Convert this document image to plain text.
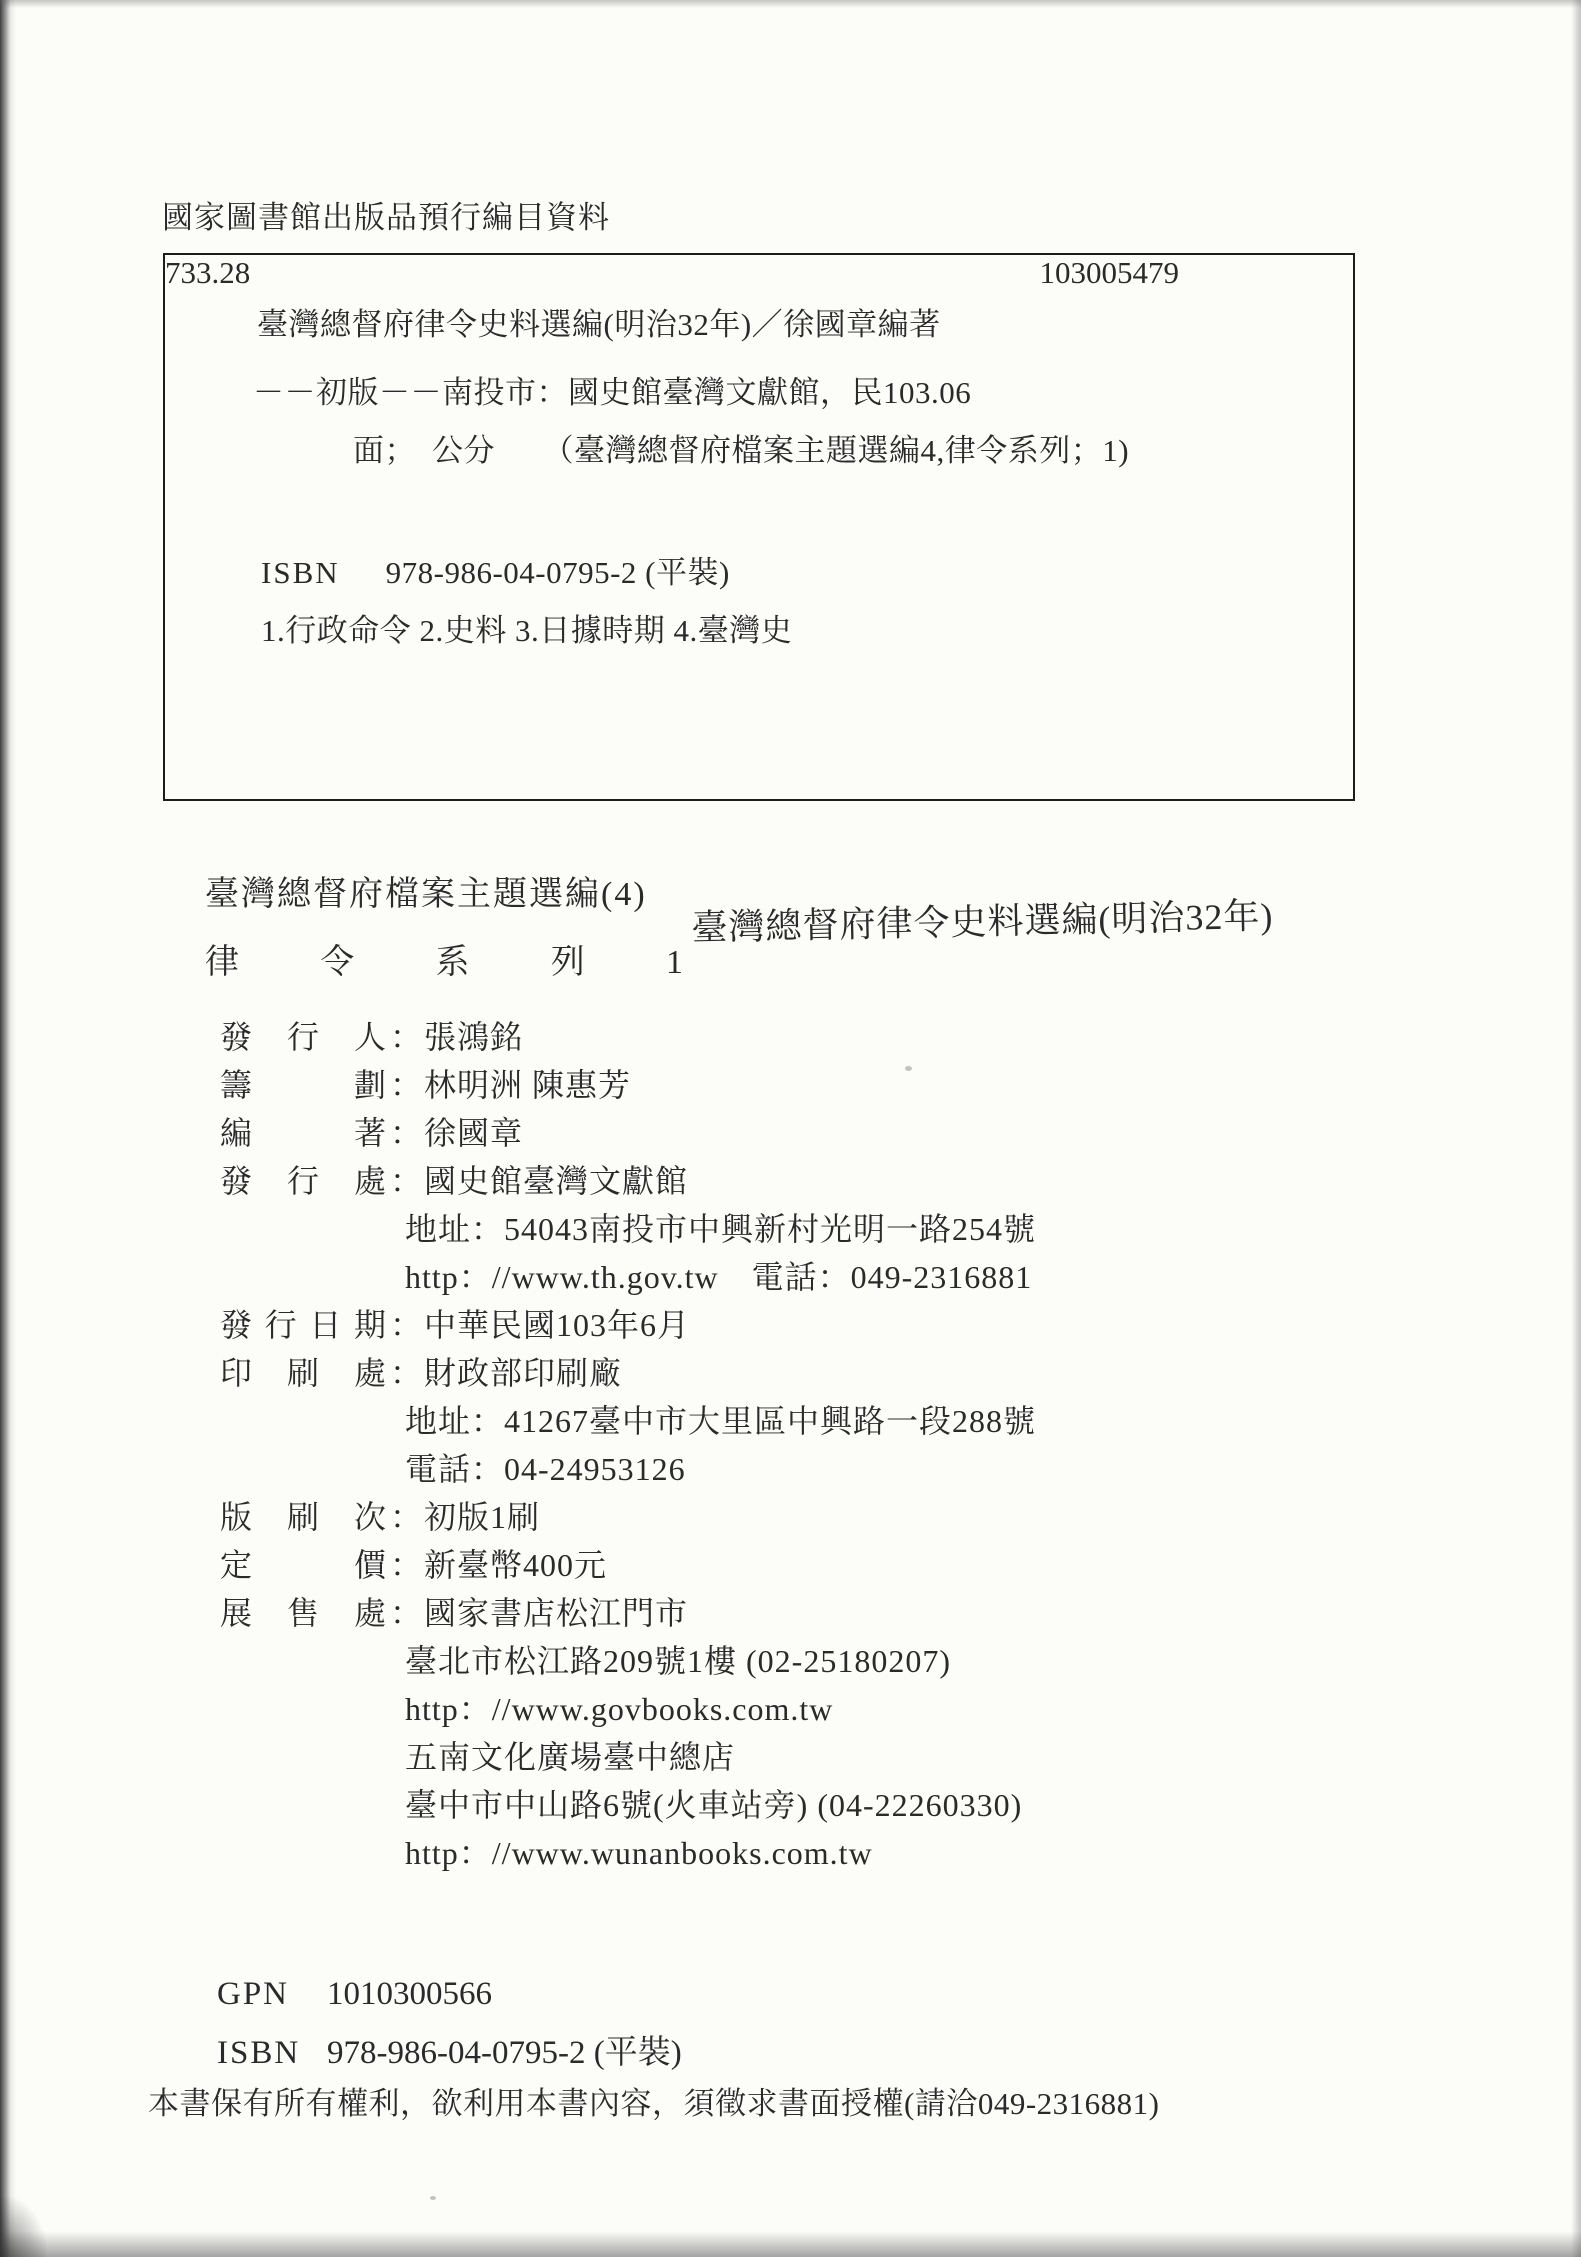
國家圖書館出版品預行編目資料
臺灣總督府律令史料選編(明治32年)／徐國章編著
－－初版－－南投市：國史館臺灣文獻館，民103.06
面；　公分　　（臺灣總督府檔案主題選編4,律令系列；1)
ISBN 978-986-04-0795-2 (平裝)
1.行政命令 2.史料 3.日據時期 4.臺灣史
733.28	103005479
臺灣總督府檔案主題選編(4)
律 令 系 列 1
臺灣總督府律令史料選編(明治32年)
發 行 人 ：張鴻銘
籌 劃 ：林明洲 陳惠芳
編 著 ：徐國章
發 行 處 ：國史館臺灣文獻館
地址：54043南投市中興新村光明一路254號
http：//www.th.gov.tw　電話：049-2316881
發 行 日 期 ：中華民國103年6月
印 刷 處 ：財政部印刷廠
地址：41267臺中市大里區中興路一段288號
電話：04-24953126
版 刷 次 ：初版1刷
定 價 ：新臺幣400元
展 售 處 ：國家書店松江門市
臺北市松江路209號1樓 (02-25180207)
http：//www.govbooks.com.tw
五南文化廣場臺中總店
臺中市中山路6號(火車站旁) (04-22260330)
http：//www.wunanbooks.com.tw
GPN 1010300566
ISBN 978-986-04-0795-2 (平裝)
本書保有所有權利，欲利用本書內容，須徵求書面授權(請洽049-2316881)
